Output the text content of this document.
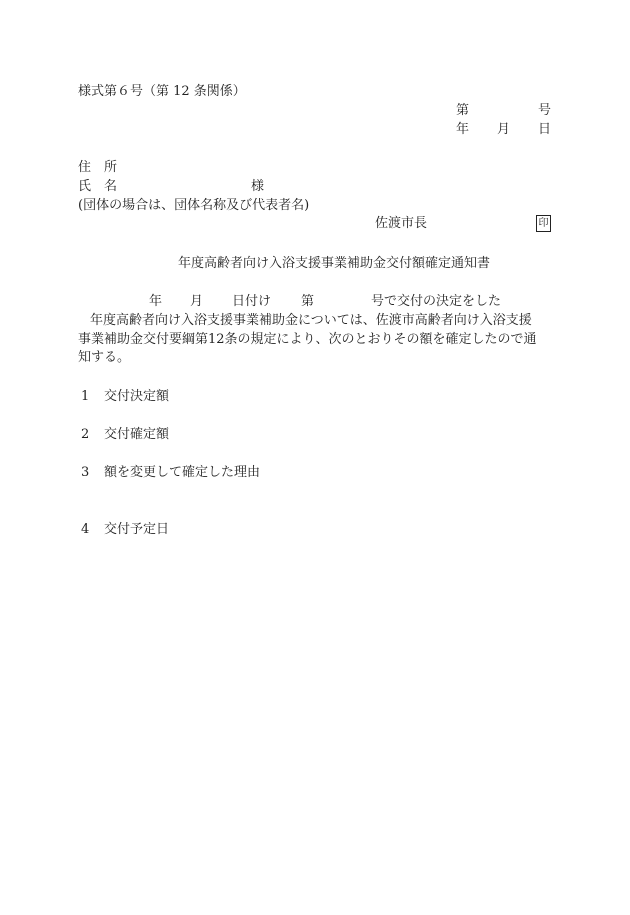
様式第６号（第 12 条関係）
第	号
年 月 日
住　所
氏　名	様
(団体の場合は、団体名称及び代表者名)
佐渡市長	印
年度高齢者向け入浴支援事業補助金交付額確定通知書
年 月 日付け 第	号で交付の決定をした
年度高齢者向け入浴支援事業補助金については、佐渡市高齢者向け入浴支援
事業補助金交付要綱第12条の規定により、次のとおりその額を確定したので通
知する。
1 交付決定額
2 交付確定額
3 額を変更して確定した理由
4 交付予定日
